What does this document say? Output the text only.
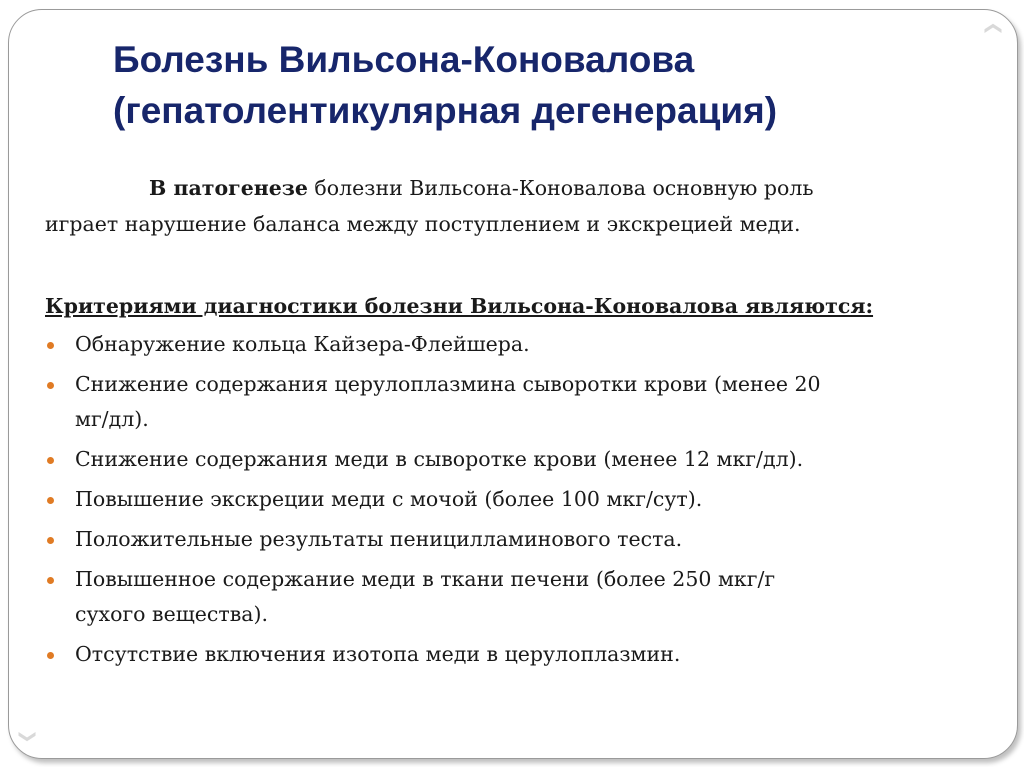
❮
❮
Болезнь Вильсона-Коновалова
(гепатолентикулярная дегенерация)
В патогенезе болезни Вильсона-Коновалова основную роль
играет нарушение баланса между поступлением и экскрецией меди.
Критериями диагностики болезни Вильсона-Коновалова являются:
Обнаружение кольца Кайзера-Флейшера.
Снижение содержания церулоплазмина сыворотки крови (менее 20
мг/дл).
Снижение содержания меди в сыворотке крови (менее 12 мкг/дл).
Повышение экскреции меди с мочой (более 100 мкг/сут).
Положительные результаты пеницилламинового теста.
Повышенное содержание меди в ткани печени (более 250 мкг/г
сухого вещества).
Отсутствие включения изотопа меди в церулоплазмин.
